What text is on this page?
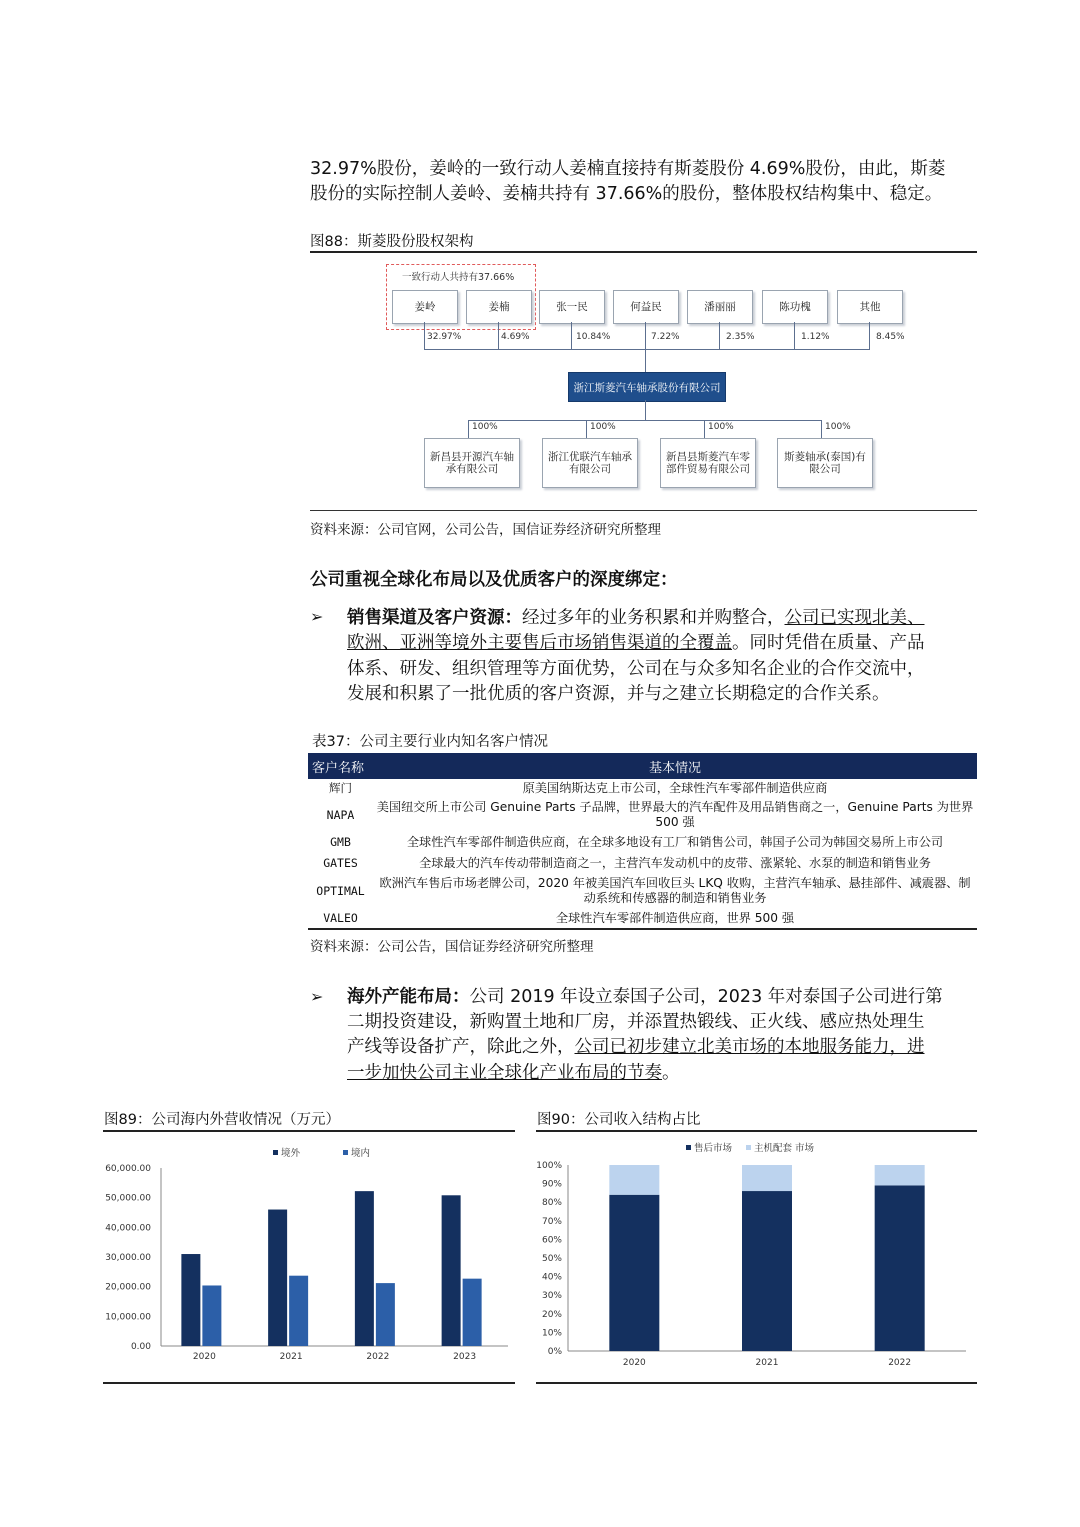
32.97%股份，姜岭的一致行动人姜楠直接持有斯菱股份 4.69%股份，由此，斯菱
股份的实际控制人姜岭、姜楠共持有 37.66%的股份，整体股权结构集中、稳定。
图88：斯菱股份股权架构
一致行动人共持有37.66%
姜岭	姜楠	张一民	何益民	潘丽丽	陈功槐	其他
32.97%	4.69%	10.84%	7.22%	2.35%	1.12%	8.45%
浙江斯菱汽车轴承股份有限公司
100%	100%	100%	100%
新昌县开源汽车轴承有限公司
浙江优联汽车轴承有限公司
新昌县斯菱汽车零部件贸易有限公司
斯菱轴承(泰国)有限公司
资料来源：公司官网，公司公告，国信证券经济研究所整理
公司重视全球化布局以及优质客户的深度绑定：
➢ 销售渠道及客户资源：经过多年的业务积累和并购整合，公司已实现北美、
欧洲、亚洲等境外主要售后市场销售渠道的全覆盖。同时凭借在质量、产品
体系、研发、组织管理等方面优势，公司在与众多知名企业的合作交流中，
发展和积累了一批优质的客户资源，并与之建立长期稳定的合作关系。
表37：公司主要行业内知名客户情况
客户名称	基本情况
辉门	原美国纳斯达克上市公司，全球性汽车零部件制造供应商
NAPA	美国纽交所上市公司 Genuine Parts 子品牌，世界最大的汽车配件及用品销售商之一，Genuine Parts 为世界 500 强
GMB	全球性汽车零部件制造供应商，在全球多地设有工厂和销售公司，韩国子公司为韩国交易所上市公司
GATES	全球最大的汽车传动带制造商之一，主营汽车发动机中的皮带、涨紧轮、水泵的制造和销售业务
OPTIMAL	欧洲汽车售后市场老牌公司，2020 年被美国汽车回收巨头 LKQ 收购，主营汽车轴承、悬挂部件、减震器、制动系统和传感器的制造和销售业务
VALEO	全球性汽车零部件制造供应商，世界 500 强
资料来源：公司公告，国信证券经济研究所整理
➢ 海外产能布局：公司 2019 年设立泰国子公司，2023 年对泰国子公司进行第
二期投资建设，新购置土地和厂房，并添置热锻线、正火线、感应热处理生
产线等设备扩产，除此之外，公司已初步建立北美市场的本地服务能力，进
一步加快公司主业全球化产业布局的节奏。
图89：公司海内外营收情况（万元）
60,000.00
50,000.00
40,000.00
30,000.00
20,000.00
10,000.00
0.00
2020	2021	2022	2023
境外	境内
图90：公司收入结构占比
100%
90%
80%
70%
60%
50%
40%
30%
20%
10%
0%
2020	2021	2022
售后市场 主机配套 市场
